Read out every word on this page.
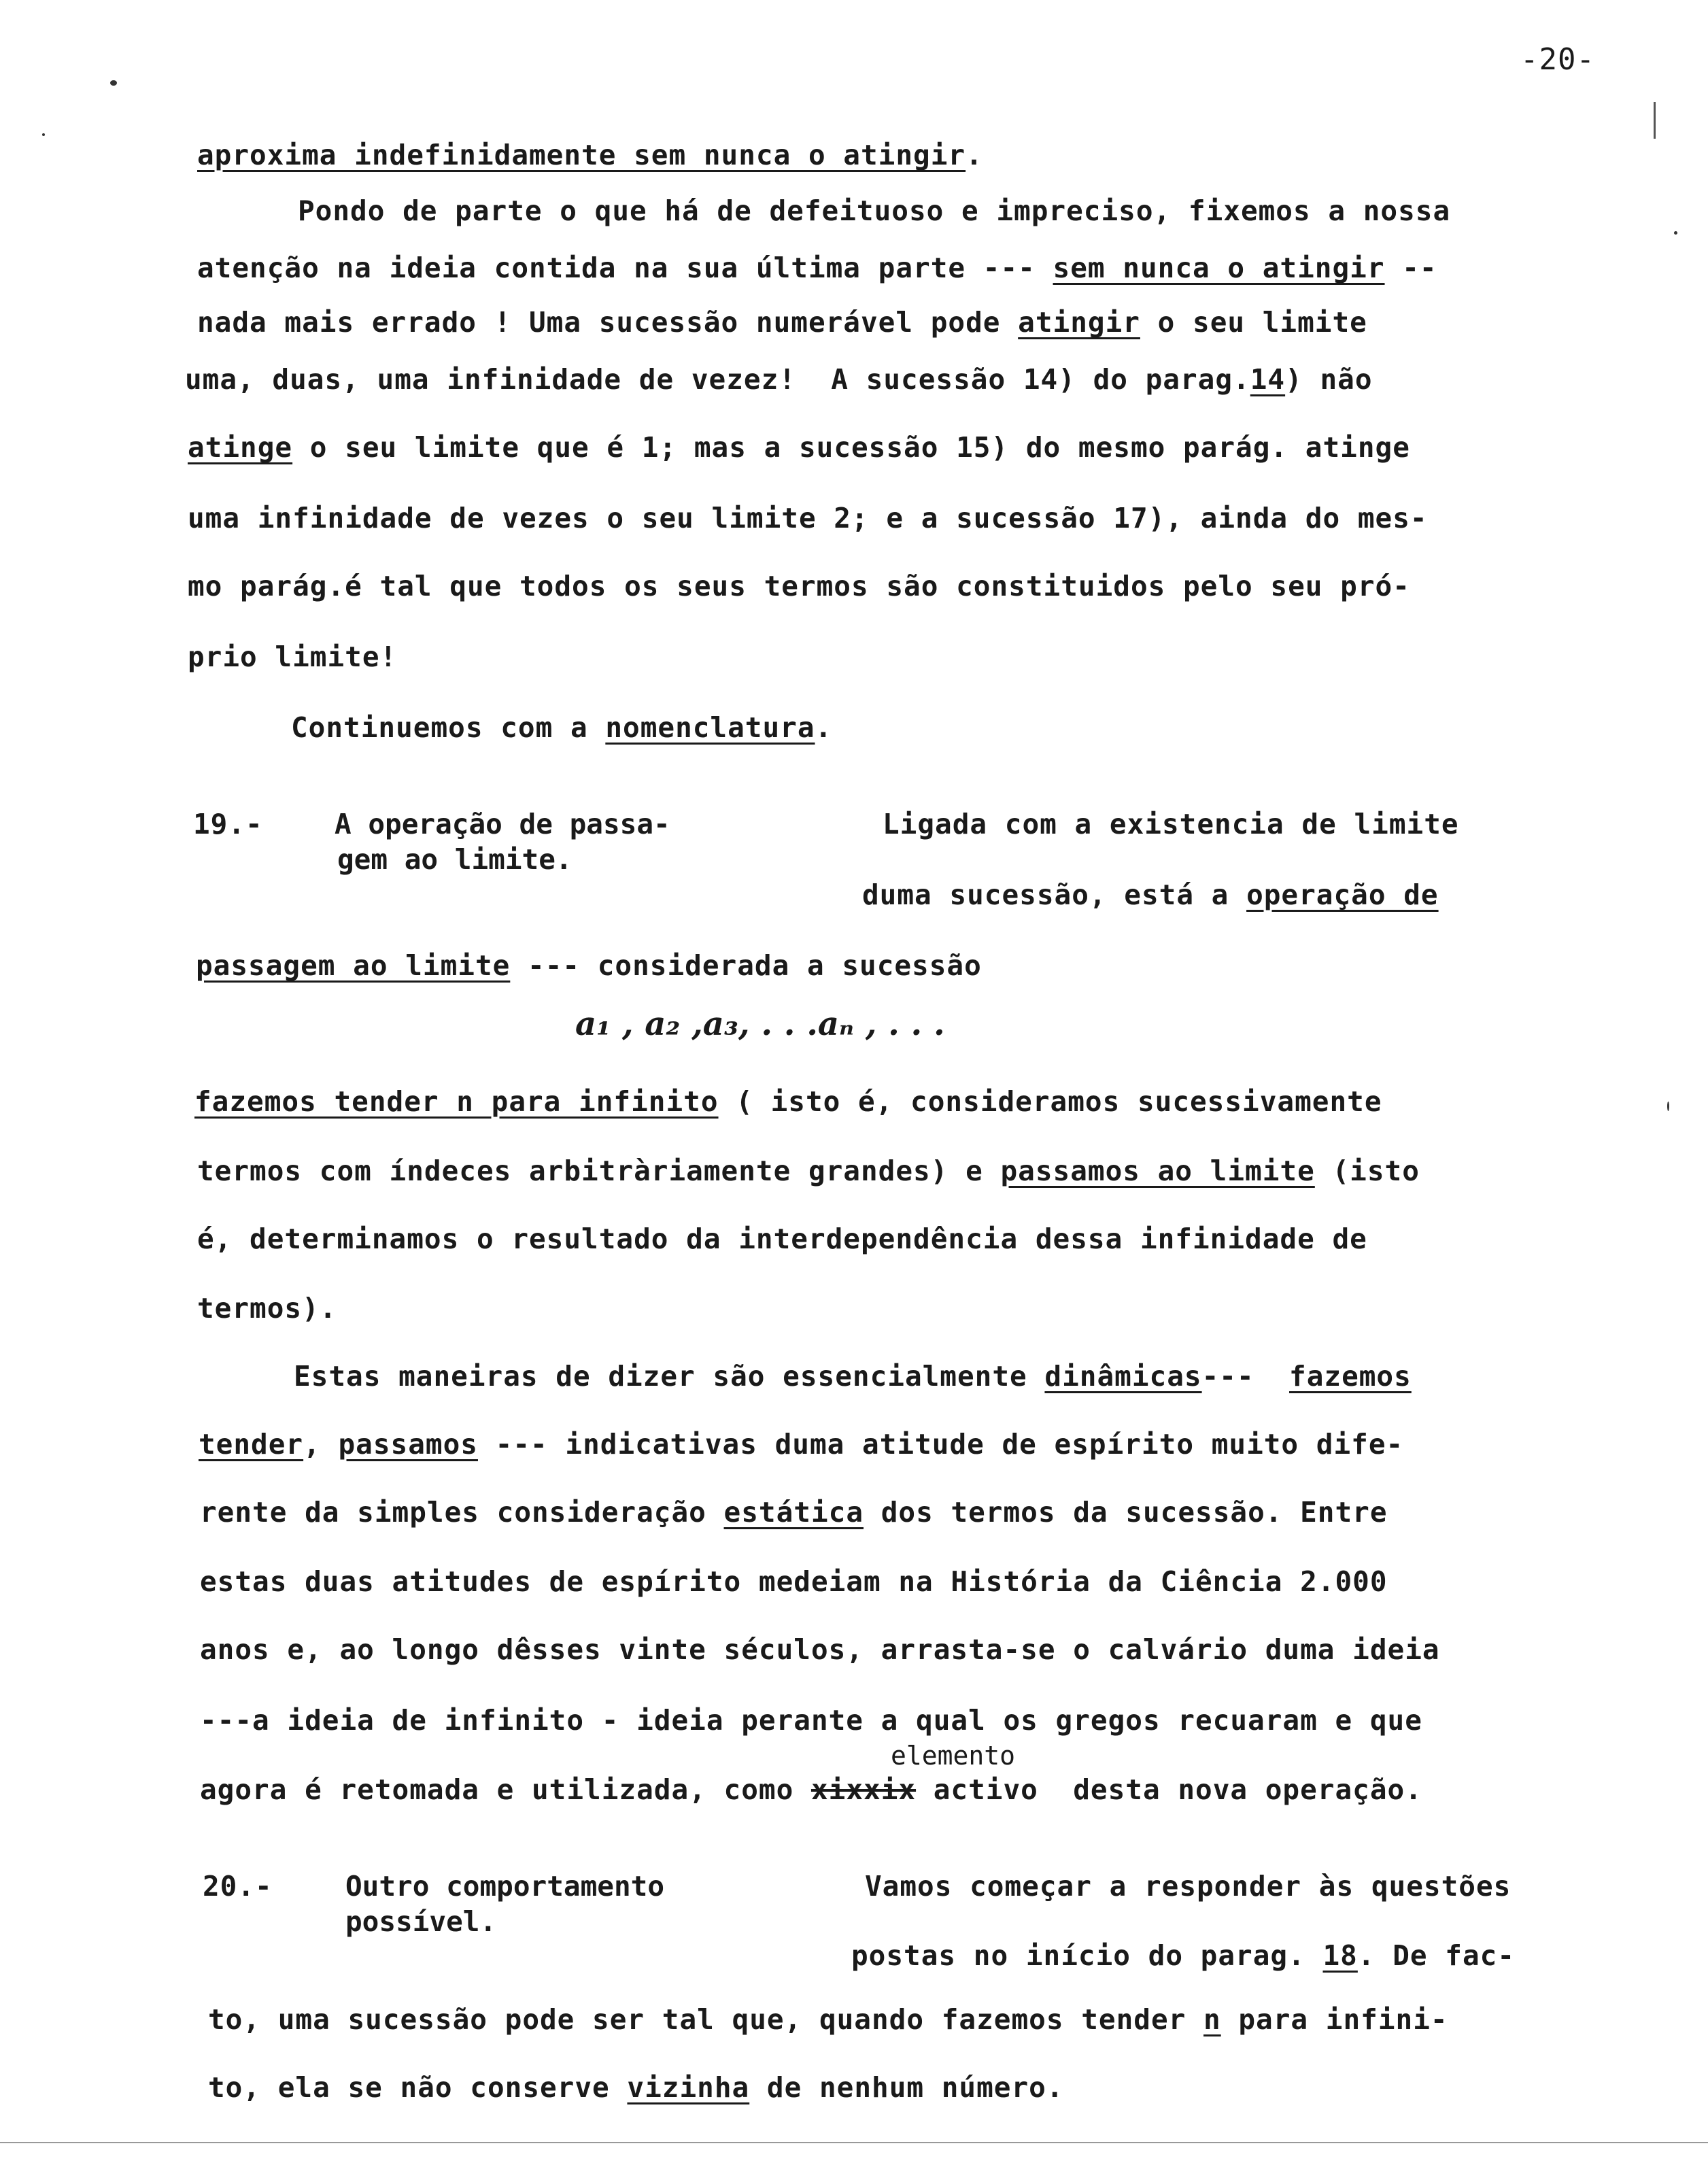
-20-
aproxima indefinidamente sem nunca o atingir.
Pondo de parte o que há de defeituoso e impreciso, fixemos a nossa
atenção na ideia contida na sua última parte --- sem nunca o atingir --
nada mais errado ! Uma sucessão numerável pode atingir o seu limite
uma, duas, uma infinidade de vezez!  A sucessão 14) do parag.14) não
atinge o seu limite que é 1; mas a sucessão 15) do mesmo parág. atinge
uma infinidade de vezes o seu limite 2; e a sucessão 17), ainda do mes-
mo parág.é tal que todos os seus termos são constituidos pelo seu pró-
prio limite!
Continuemos com a nomenclatura.
19.-	A operação de passa-
gem ao limite.
Ligada com a existencia de limite
duma sucessão, está a operação de
passagem ao limite --- considerada a sucessão
a₁ , a₂ ,a₃, . . .aₙ , . . .
fazemos tender n para infinito ( isto é, consideramos sucessivamente
termos com índeces arbitràriamente grandes) e passamos ao limite (isto
é, determinamos o resultado da interdependência dessa infinidade de
termos).
Estas maneiras de dizer são essencialmente dinâmicas---  fazemos
tender, passamos --- indicativas duma atitude de espírito muito dife-
rente da simples consideração estática dos termos da sucessão. Entre
estas duas atitudes de espírito medeiam na História da Ciência 2.000
anos e, ao longo dêsses vinte séculos, arrasta-se o calvário duma ideia
---a ideia de infinito - ideia perante a qual os gregos recuaram e que
elemento
agora é retomada e utilizada, como xixxix activo  desta nova operação.
20.-	Outro comportamento
possível.
Vamos começar a responder às questões
postas no início do parag. 18. De fac-
to, uma sucessão pode ser tal que, quando fazemos tender n para infini-
to, ela se não conserve vizinha de nenhum número.
